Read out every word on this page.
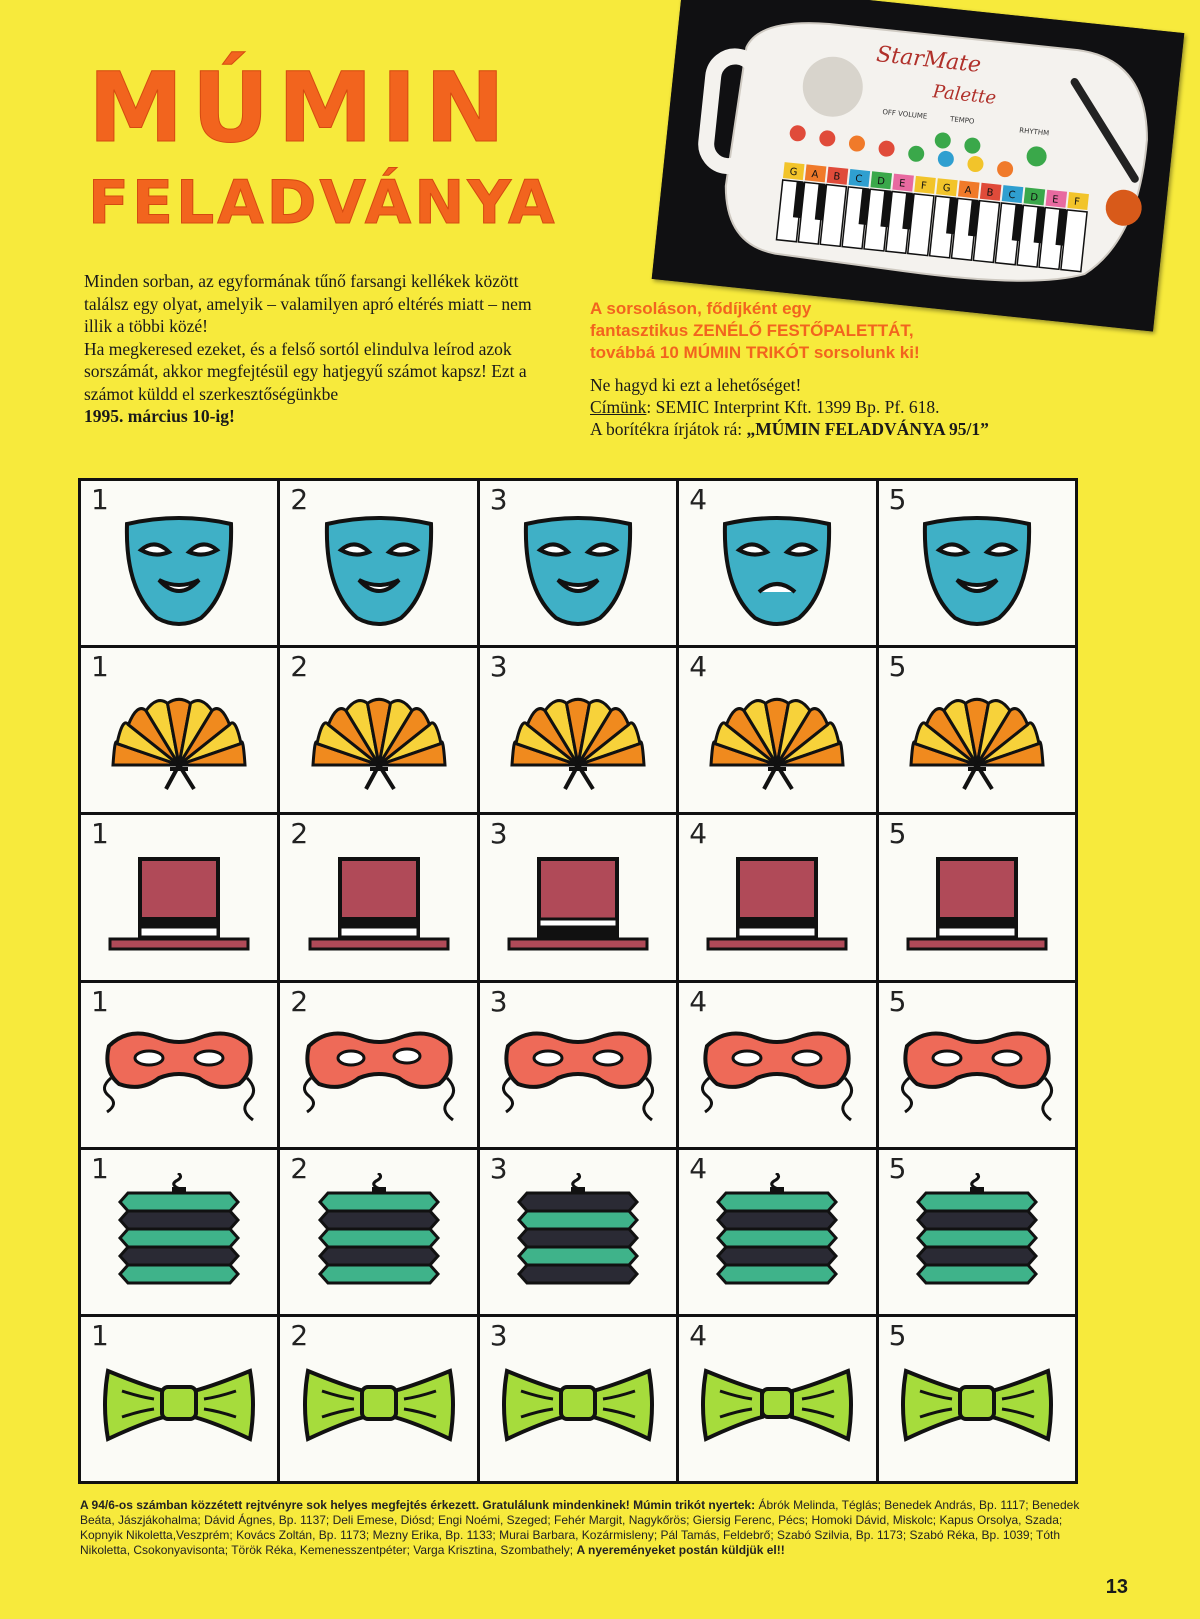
MÚMIN
FELADVÁNYA
StarMate
Palette
OFF VOLUME	TEMPO
RHYTHM
G A B C D E F G A B C D E F
Minden sorban, az egyformának tűnő farsangi kellékek között találsz egy olyat, amelyik – valamilyen apró eltérés miatt – nem illik a többi közé!
Ha megkeresed ezeket, és a felső sortól elindulva leírod azok sorszámát, akkor megfejtésül egy hatjegyű számot kapsz! Ezt a számot küldd el szerkesztőségünkbe
1995. március 10-ig!
A sorsoláson, fődíjként egy
fantasztikus ZENÉLŐ FESTŐPALETTÁT,
továbbá 10 MÚMIN TRIKÓT sorsolunk ki!
Ne hagyd ki ezt a lehetőséget!
Címünk: SEMIC Interprint Kft. 1399 Bp. Pf. 618.
A borítékra írjátok rá: „MÚMIN FELADVÁNYA 95/1”
1	2	3	4	5
1	2	3	4	5
1	2	3	4	5
1	2	3	4	5
1	2	3	4	5
1	2	3	4	5
A 94/6-os számban közzétett rejtvényre sok helyes megfejtés érkezett. Gratulálunk mindenkinek! Múmin trikót nyertek: Ábrók Melinda, Téglás; Benedek András, Bp. 1117; Benedek Beáta, Jászjákohalma; Dávid Ágnes, Bp. 1137; Deli Emese, Diósd; Engi Noémi, Szeged; Fehér Margit, Nagykőrös; Giersig Ferenc, Pécs; Homoki Dávid, Miskolc; Kapus Orsolya, Szada; Kopnyik Nikoletta,Veszprém; Kovács Zoltán, Bp. 1173; Mezny Erika, Bp. 1133; Murai Barbara, Kozármisleny; Pál Tamás, Feldebrő; Szabó Szilvia, Bp. 1173; Szabó Réka, Bp. 1039; Tóth Nikoletta, Csokonyavisonta; Török Réka, Kemenesszentpéter; Varga Krisztina, Szombathely; A nyereményeket postán küldjük el!!
13
